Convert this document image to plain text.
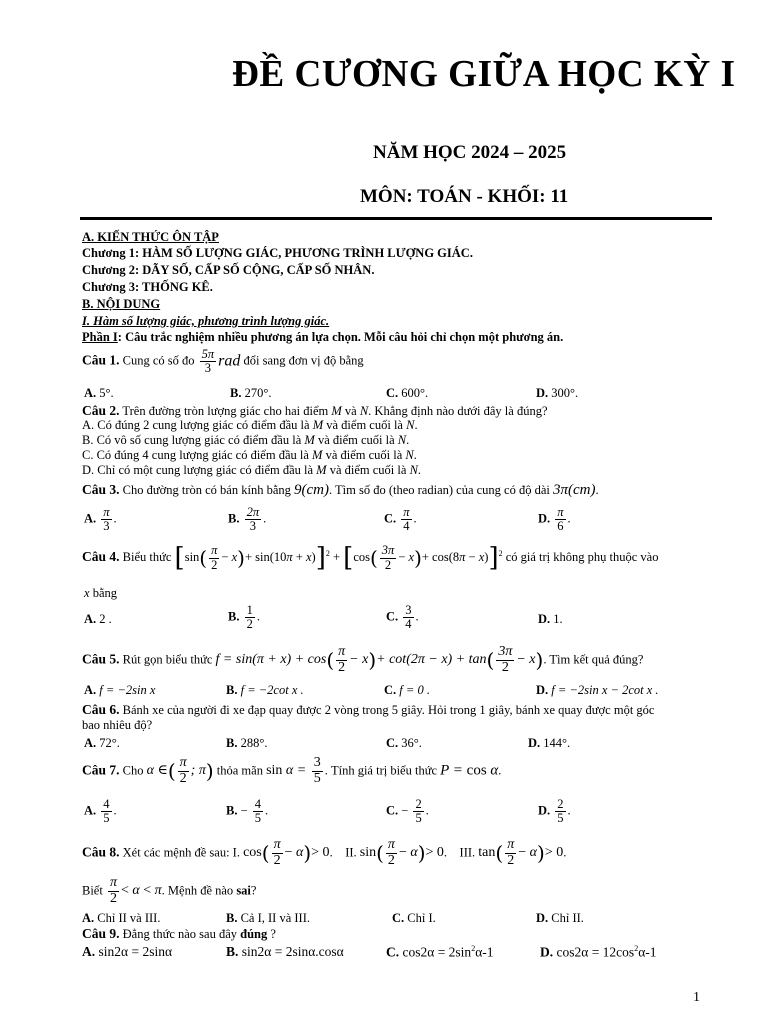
ĐỀ CƯƠNG GIỮA HỌC KỲ I
NĂM HỌC 2024 – 2025
MÔN: TOÁN - KHỐI: 11
A. KIẾN THỨC ÔN TẬP
Chương 1: HÀM SỐ LƯỢNG GIÁC, PHƯƠNG TRÌNH LƯỢNG GIÁC.
Chương 2: DÃY SỐ, CẤP SỐ CỘNG, CẤP SỐ NHÂN.
Chương 3: THỐNG KÊ.
B. NỘI DUNG
I. Hàm số lượng giác, phương trình lượng giác.
Phần I: Câu trắc nghiệm nhiều phương án lựa chọn. Mỗi câu hỏi chỉ chọn một phương án.
Câu 1. Cung có số đo $\frac{5\pi}{3}$ rad đổi sang đơn vị độ bằng
A. 5°.	B. 270°.	C. 600°.	D. 300°.
Câu 2. Trên đường tròn lượng giác cho hai điểm M và N. Khẳng định nào dưới đây là đúng?
A. Có đúng 2 cung lượng giác có điểm đầu là M và điểm cuối là N.
B. Có vô số cung lượng giác có điểm đầu là M và điểm cuối là N.
C. Có đúng 4 cung lượng giác có điểm đầu là M và điểm cuối là N.
D. Chỉ có một cung lượng giác có điểm đầu là M và điểm cuối là N.
Câu 3. Cho đường tròn có bán kính bằng 9(cm). Tìm số đo (theo radian) của cung có độ dài 3π(cm).
A. $\frac{\pi}{3}$ .	B. $\frac{2\pi}{3}$ .	C. $\frac{\pi}{4}$ .	D. $\frac{\pi}{6}$ .
Câu 4. Biểu thức $[\sin( \frac{\pi}{2} - x)+ \sin(10\pi + x)]^2 + [\cos( \frac{3\pi}{2} - x)+ \cos(8\pi - x)]^2$ có giá trị không phụ thuộc vào
x bằng
A. 2 .	B. $\frac{1}{2}$ .	C. $\frac{3}{4}$ .	D. 1.
Câu 5. Rút gọn biểu thức $f = \sin(\pi + x) + \cos( \frac{\pi}{2} - x)+ \cot(2\pi - x) + \tan( \frac{3\pi}{2} - x)$. Tìm kết quả đúng?
A. f = −2sin x	B. f = −2cot x .	C. f = 0 .	D. f = −2sin x − 2cot x .
Câu 6. Bánh xe của người đi xe đạp quay được 2 vòng trong 5 giây. Hỏi trong 1 giây, bánh xe quay được một góc
bao nhiêu độ?
A. 72°.	B. 288°.	C. 36°.	D. 144°.
Câu 7. Cho α ∈( $\frac{\pi}{2}$ ; π) thỏa mãn $\sin \alpha = \frac{3}{5}$ . Tính giá trị biểu thức P = cos α.
A. $\frac{4}{5}$ .	B. − $\frac{4}{5}$ .	C. − $\frac{2}{5}$ .	D. $\frac{2}{5}$ .
Câu 8. Xét các mệnh đề sau: I. $\cos( \frac{\pi}{2} - \alpha)> 0$.    II. $\sin( \frac{\pi}{2} - \alpha)> 0$.    III. $\tan( \frac{\pi}{2} - \alpha)> 0$.
Biết $\frac{\pi}{2} < \alpha < \pi$. Mệnh đề nào sai?
A. Chỉ II và III.	B. Cả I, II và III.	C. Chỉ I.	D. Chỉ II.
Câu 9. Đẳng thức nào sau đây đúng ?
A. sin2α = 2sinα	B. sin2α = 2sinα.cosα	C. $\cos 2\alpha = 2\sin^2\alpha-1$	D. $\cos 2\alpha = 12\cos^2\alpha-1$
1
